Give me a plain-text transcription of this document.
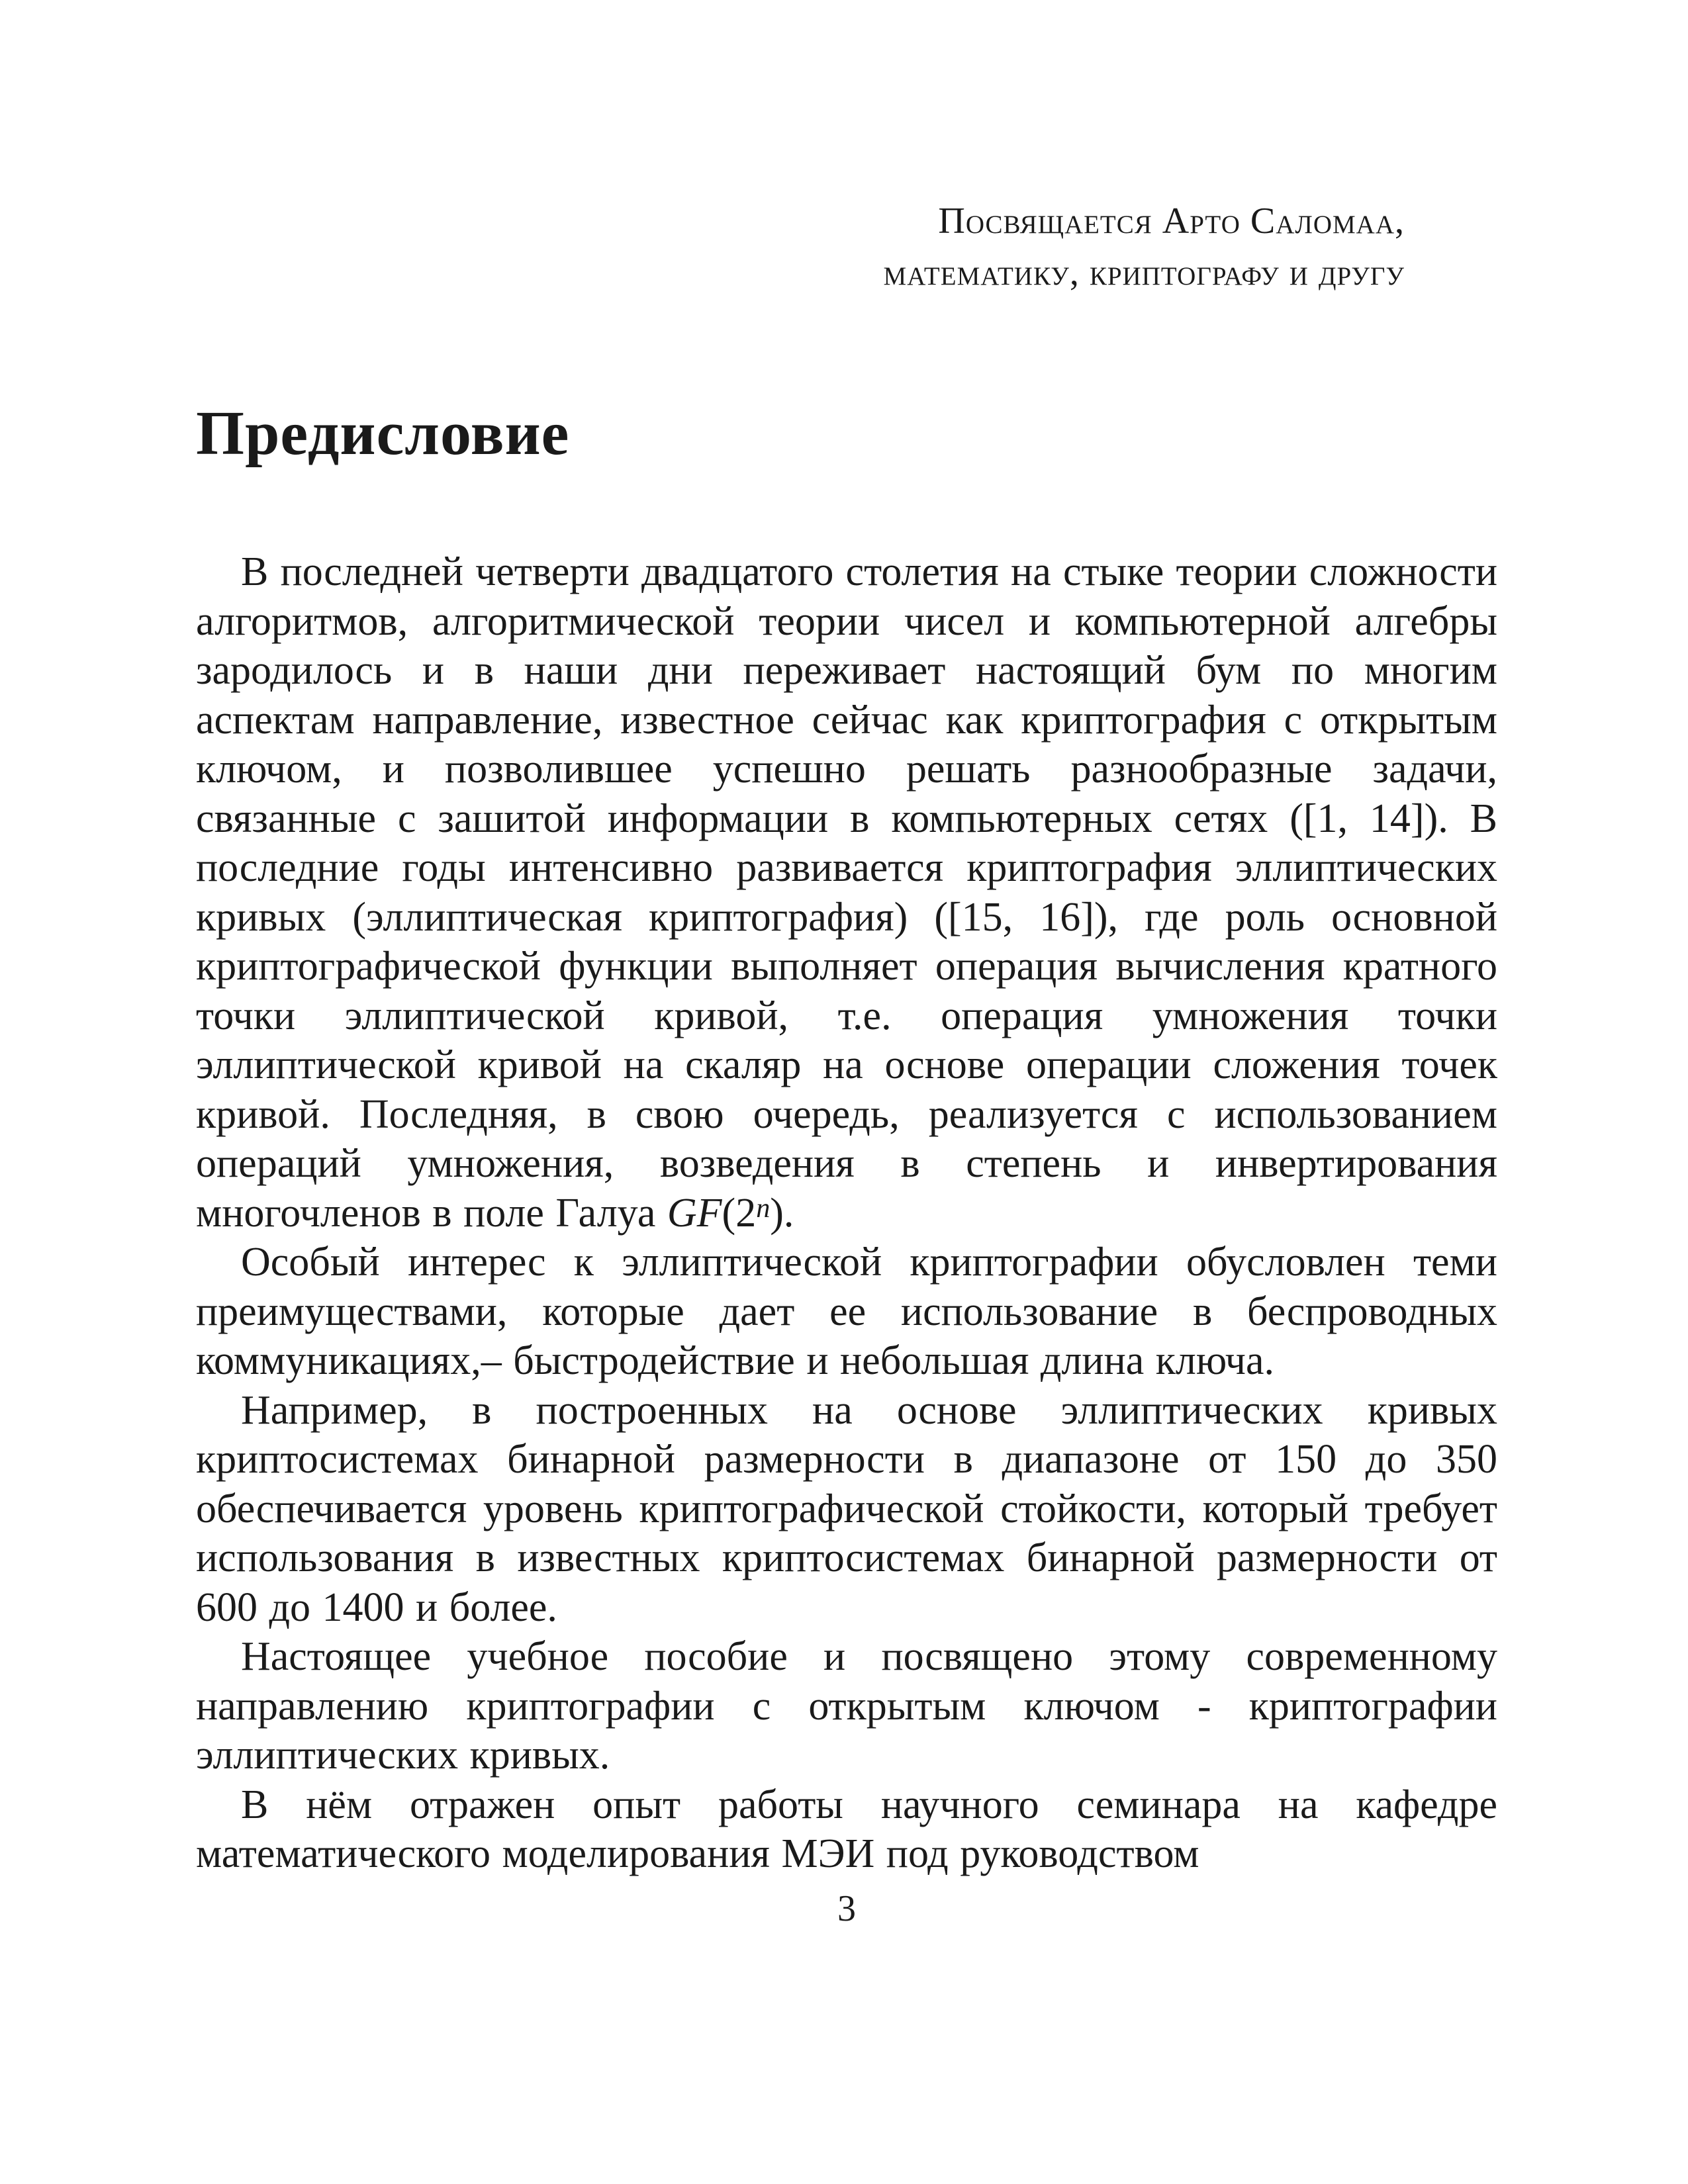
Посвящается Арто Саломаа,
математику, криптографу и другу
Предисловие

В последней четверти двадцатого столетия на стыке теории сложности алгоритмов, алгоритмической теории чисел и компьютерной алгебры зародилось и в наши дни переживает настоящий бум по многим аспектам направление, известное сейчас как криптография с открытым ключом, и позволившее успешно решать разнообразные задачи, связанные с зашитой информации в компьютерных сетях ([1, 14]). В последние годы интенсивно развивается криптография эллиптических кривых (эллиптическая криптография) ([15, 16]), где роль основной криптографической функции выполняет операция вычисления кратного точки эллиптической кривой, т.е. операция умножения точки эллиптической кривой на скаляр на основе операции сложения точек кривой. Последняя, в свою очередь, реализуется с использованием операций умножения, возведения в степень и инвертирования многочленов в поле Галуа GF(2$^n$).

Особый интерес к эллиптической криптографии обусловлен теми преимуществами, которые дает ее использование в беспроводных коммуникациях,– быстродействие и небольшая длина ключа.

Например, в построенных на основе эллиптических кривых криптосистемах бинарной размерности в диапазоне от 150 до 350 обеспечивается уровень криптографической стойкости, который требует использования в известных криптосистемах бинарной размерности от 600 до 1400 и более.

Настоящее учебное пособие и посвящено этому современному направлению криптографии с открытым ключом - криптографии эллиптических кривых.

В нём отражен опыт работы научного семинара на кафедре математического моделирования МЭИ под руководством

3
